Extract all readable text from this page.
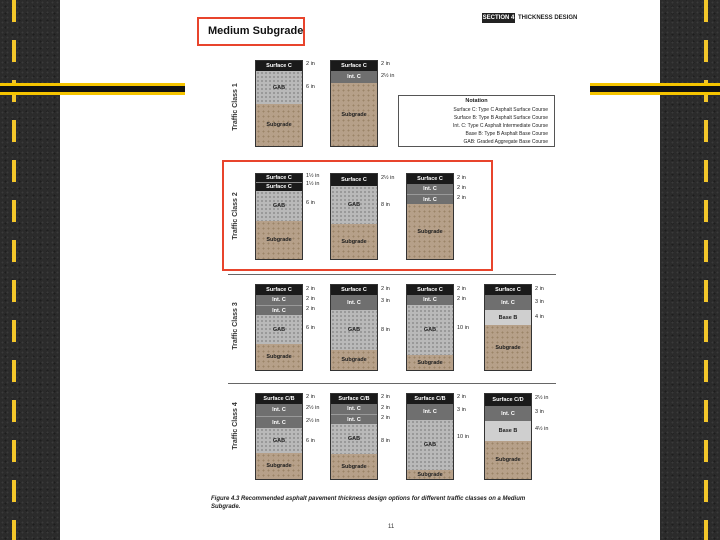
SECTION 4 THICKNESS DESIGN
Medium Subgrade
Traffic Class 1
Traffic Class 2
Traffic Class 3
Traffic Class 4
Surface C
GAB
Subgrade
2 in
6 in
Surface C
Int. C
Subgrade
2 in
2½ in
Notation
Surface C: Type C Asphalt Surface Course
Surface B: Type B Asphalt Surface Course
Int. C: Type C Asphalt Intermediate Course
Base B: Type B Asphalt Base Course
GAB: Graded Aggregate Base Course
Surface C
Surface C
GAB
Subgrade
1½ in
1½ in
6 in
Surface C
GAB
Subgrade
2½ in
8 in
Surface C
Int. C
Int. C
Subgrade
2 in
2 in
2 in
Surface C
Int. C
Int. C
GAB
Subgrade
2 in
2 in
2 in
6 in
Surface C
Int. C
GAB
Subgrade
2 in
3 in
8 in
Surface C
Int. C
GAB
Subgrade
2 in
2 in
10 in
Surface C
Int. C
Base B
Subgrade
2 in
3 in
4 in
Surface C/B
Int. C
Int. C
GAB
Subgrade
2 in
2½ in
2½ in
6 in
Surface C/B
Int. C
Int. C
GAB
Subgrade
2 in
2 in
2 in
8 in
Surface C/B
Int. C
GAB
Subgrade
2 in
3 in
10 in
Surface C/D
Int. C
Base B
Subgrade
2½ in
3 in
4½ in
Figure 4.3 Recommended asphalt pavement thickness design options for different traffic classes on a Medium Subgrade.
11
